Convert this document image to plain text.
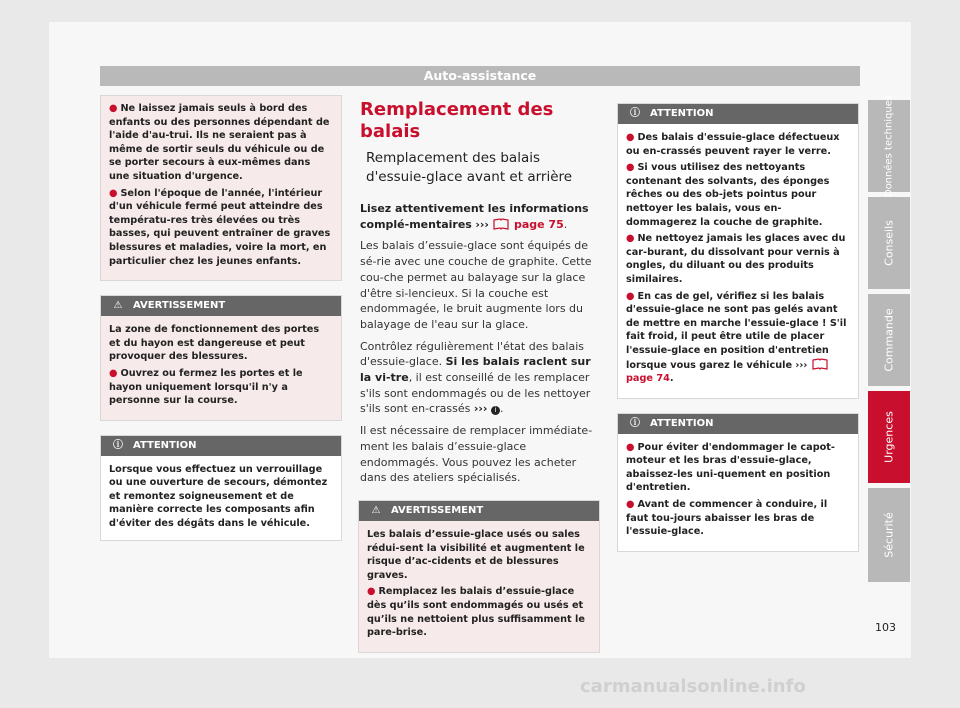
Auto-assistance
● Ne laissez jamais seuls à bord des enfants ou des personnes dépendant de l'aide d'au-trui. Ils ne seraient pas à même de sortir seuls du véhicule ou de se porter secours à eux-mêmes dans une situation d'urgence.
● Selon l'époque de l'année, l'intérieur d'un véhicule fermé peut atteindre des températu-res très élevées ou très basses, qui peuvent entraîner de graves blessures et maladies, voire la mort, en particulier chez les jeunes enfants.
⚠ AVERTISSEMENT

La zone de fonctionnement des portes et du hayon est dangereuse et peut provoquer des blessures.

● Ouvrez ou fermez les portes et le hayon uniquement lorsqu'il n'y a personne sur la course.
ⓘ ATTENTION

Lorsque vous effectuez un verrouillage ou une ouverture de secours, démontez et remontez soigneusement et de manière correcte les composants afin d'éviter des dégâts dans le véhicule.

Remplacement des balais
Remplacement des balais d'essuie-glace avant et arrière

Lisez attentivement les informations complé-mentaires ››› page 75.

Les balais d’essuie-glace sont équipés de sé-rie avec une couche de graphite. Cette cou-che permet au balayage sur la glace d'être si-lencieux. Si la couche est endommagée, le bruit augmente lors du balayage de l'eau sur la glace.

Contrôlez régulièrement l'état des balais d'essuie-glace. Si les balais raclent sur la vi-tre, il est conseillé de les remplacer s'ils sont endommagés ou de les nettoyer s'ils sont en-crassés ››› i .

Il est nécessaire de remplacer immédiate-ment les balais d’essuie-glace endommagés. Vous pouvez les acheter dans des ateliers spécialisés.

⚠ AVERTISSEMENT

Les balais d’essuie-glace usés ou sales rédui-sent la visibilité et augmentent le risque d’ac-cidents et de blessures graves.

● Remplacez les balais d’essuie-glace dès qu’ils sont endommagés ou usés et qu’ils ne nettoient plus suffisamment le pare-brise.
ⓘ ATTENTION
● Des balais d'essuie-glace défectueux ou en-crassés peuvent rayer le verre.
● Si vous utilisez des nettoyants contenant des solvants, des éponges rêches ou des ob-jets pointus pour nettoyer les balais, vous en-dommagerez la couche de graphite.
● Ne nettoyez jamais les glaces avec du car-burant, du dissolvant pour vernis à ongles, du diluant ou des produits similaires.
● En cas de gel, vérifiez si les balais d'essuie-glace ne sont pas gelés avant de mettre en marche l'essuie-glace ! S'il fait froid, il peut être utile de placer l'essuie-glace en position d'entretien lorsque vous garez le véhicule ›››  page 74.
ⓘ ATTENTION
● Pour éviter d'endommager le capot-moteur et les bras d'essuie-glace, abaissez-les uni-quement en position d'entretien.
● Avant de commencer à conduire, il faut tou-jours abaisser les bras de l'essuie-glace.
Données techniques
Conseils
Commande
Urgences
Sécurité
103
carmanualsonline.info
